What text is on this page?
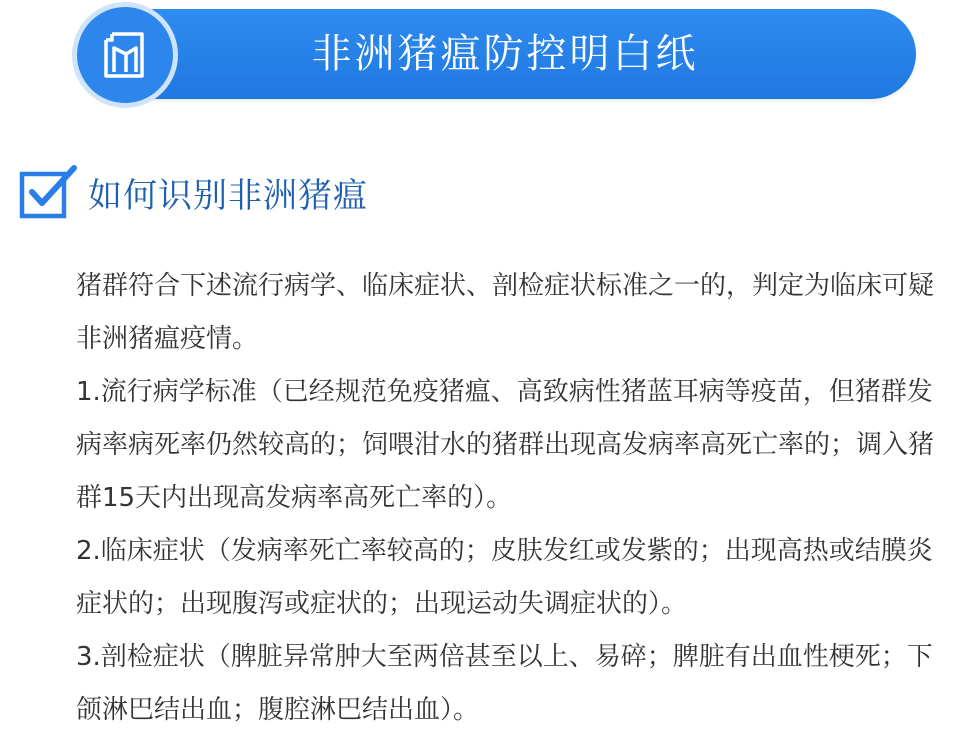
非洲猪瘟防控明白纸
如何识别非洲猪瘟

猪群符合下述流行病学、临床症状、剖检症状标准之一的，判定为临床可疑非洲猪瘟疫情。

1.流行病学标准（已经规范免疫猪瘟、高致病性猪蓝耳病等疫苗，但猪群发病率病死率仍然较高的；饲喂泔水的猪群出现高发病率高死亡率的；调入猪群15天内出现高发病率高死亡率的）。

2.临床症状（发病率死亡率较高的；皮肤发红或发紫的；出现高热或结膜炎症状的；出现腹泻或症状的；出现运动失调症状的）。

3.剖检症状（脾脏异常肿大至两倍甚至以上、易碎；脾脏有出血性梗死；下颌淋巴结出血；腹腔淋巴结出血）。
